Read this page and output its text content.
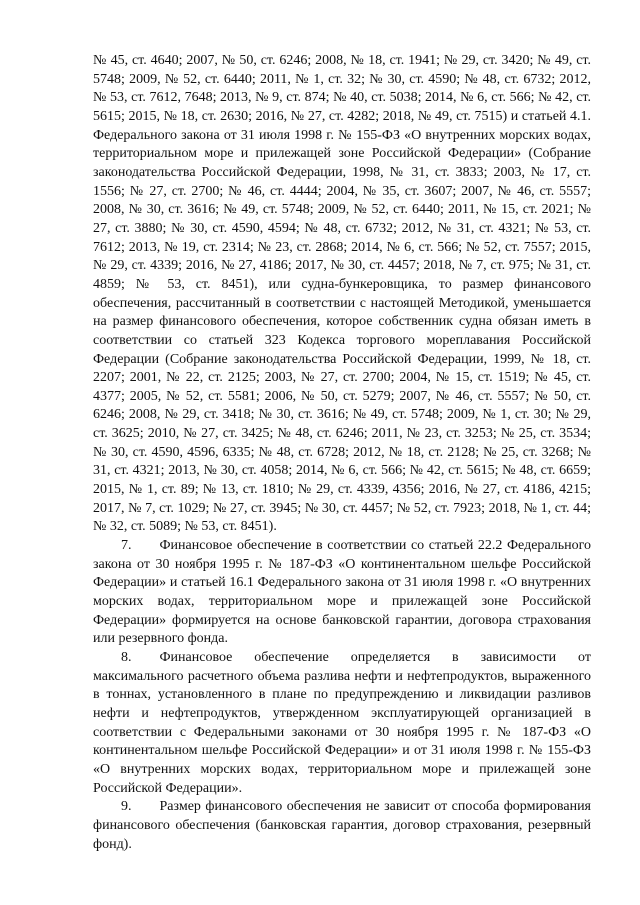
№ 45, ст. 4640; 2007, № 50, ст. 6246; 2008, № 18, ст. 1941; № 29, ст. 3420; № 49, ст. 5748; 2009, № 52, ст. 6440; 2011, № 1, ст. 32; № 30, ст. 4590; № 48, ст. 6732; 2012, № 53, ст. 7612, 7648; 2013, № 9, ст. 874; № 40, ст. 5038; 2014, № 6, ст. 566; № 42, ст. 5615; 2015, № 18, ст. 2630; 2016, № 27, ст. 4282; 2018, № 49, ст. 7515) и статьей 4.1. Федерального закона от 31 июля 1998 г. № 155-ФЗ «О внутренних морских водах, территориальном море и прилежащей зоне Российской Федерации» (Собрание законодательства Российской Федерации, 1998, № 31, ст. 3833; 2003, № 17, ст. 1556; № 27, ст. 2700; № 46, ст. 4444; 2004, № 35, ст. 3607; 2007, № 46, ст. 5557; 2008, № 30, ст. 3616; № 49, ст. 5748; 2009, № 52, ст. 6440; 2011, № 15, ст. 2021; № 27, ст. 3880; № 30, ст. 4590, 4594; № 48, ст. 6732; 2012, № 31, ст. 4321; № 53, ст. 7612; 2013, № 19, ст. 2314; № 23, ст. 2868; 2014, № 6, ст. 566; № 52, ст. 7557; 2015, № 29, ст. 4339; 2016, № 27, 4186; 2017, № 30, ст. 4457; 2018, № 7, ст. 975; № 31, ст. 4859; № 53, ст. 8451), или судна-бункеровщика, то размер финансового обеспечения, рассчитанный в соответствии с настоящей Методикой, уменьшается на размер финансового обеспечения, которое собственник судна обязан иметь в соответствии со статьей 323 Кодекса торгового мореплавания Российской Федерации (Собрание законодательства Российской Федерации, 1999, № 18, ст. 2207; 2001, № 22, ст. 2125; 2003, № 27, ст. 2700; 2004, № 15, ст. 1519; № 45, ст. 4377; 2005, № 52, ст. 5581; 2006, № 50, ст. 5279; 2007, № 46, ст. 5557; № 50, ст. 6246; 2008, № 29, ст. 3418; № 30, ст. 3616; № 49, ст. 5748; 2009, № 1, ст. 30; № 29, ст. 3625; 2010, № 27, ст. 3425; № 48, ст. 6246; 2011, № 23, ст. 3253; № 25, ст. 3534; № 30, ст. 4590, 4596, 6335; № 48, ст. 6728; 2012, № 18, ст. 2128; № 25, ст. 3268; № 31, ст. 4321; 2013, № 30, ст. 4058; 2014, № 6, ст. 566; № 42, ст. 5615; № 48, ст. 6659; 2015, № 1, ст. 89; № 13, ст. 1810; № 29, ст. 4339, 4356; 2016, № 27, ст. 4186, 4215; 2017, № 7, ст. 1029; № 27, ст. 3945; № 30, ст. 4457; № 52, ст. 7923; 2018, № 1, ст. 44; № 32, ст. 5089; № 53, ст. 8451).

7.  Финансовое обеспечение в соответствии со статьей 22.2 Федерального закона от 30 ноября 1995 г. № 187-ФЗ «О континентальном шельфе Российской Федерации» и статьей 16.1 Федерального закона от 31 июля 1998 г. «О внутренних морских водах, территориальном море и прилежащей зоне Российской Федерации» формируется на основе банковской гарантии, договора страхования или резервного фонда.

8.  Финансовое обеспечение определяется в зависимости от максимального расчетного объема разлива нефти и нефтепродуктов, выраженного в тоннах, установленного в плане по предупреждению и ликвидации разливов нефти и нефтепродуктов, утвержденном эксплуатирующей организацией в соответствии с Федеральными законами от 30 ноября 1995 г. № 187-ФЗ «О континентальном шельфе Российской Федерации» и от 31 июля 1998 г. № 155-ФЗ «О внутренних морских водах, территориальном море и прилежащей зоне Российской Федерации».

9.  Размер финансового обеспечения не зависит от способа формирования финансового обеспечения (банковская гарантия, договор страхования, резервный фонд).
